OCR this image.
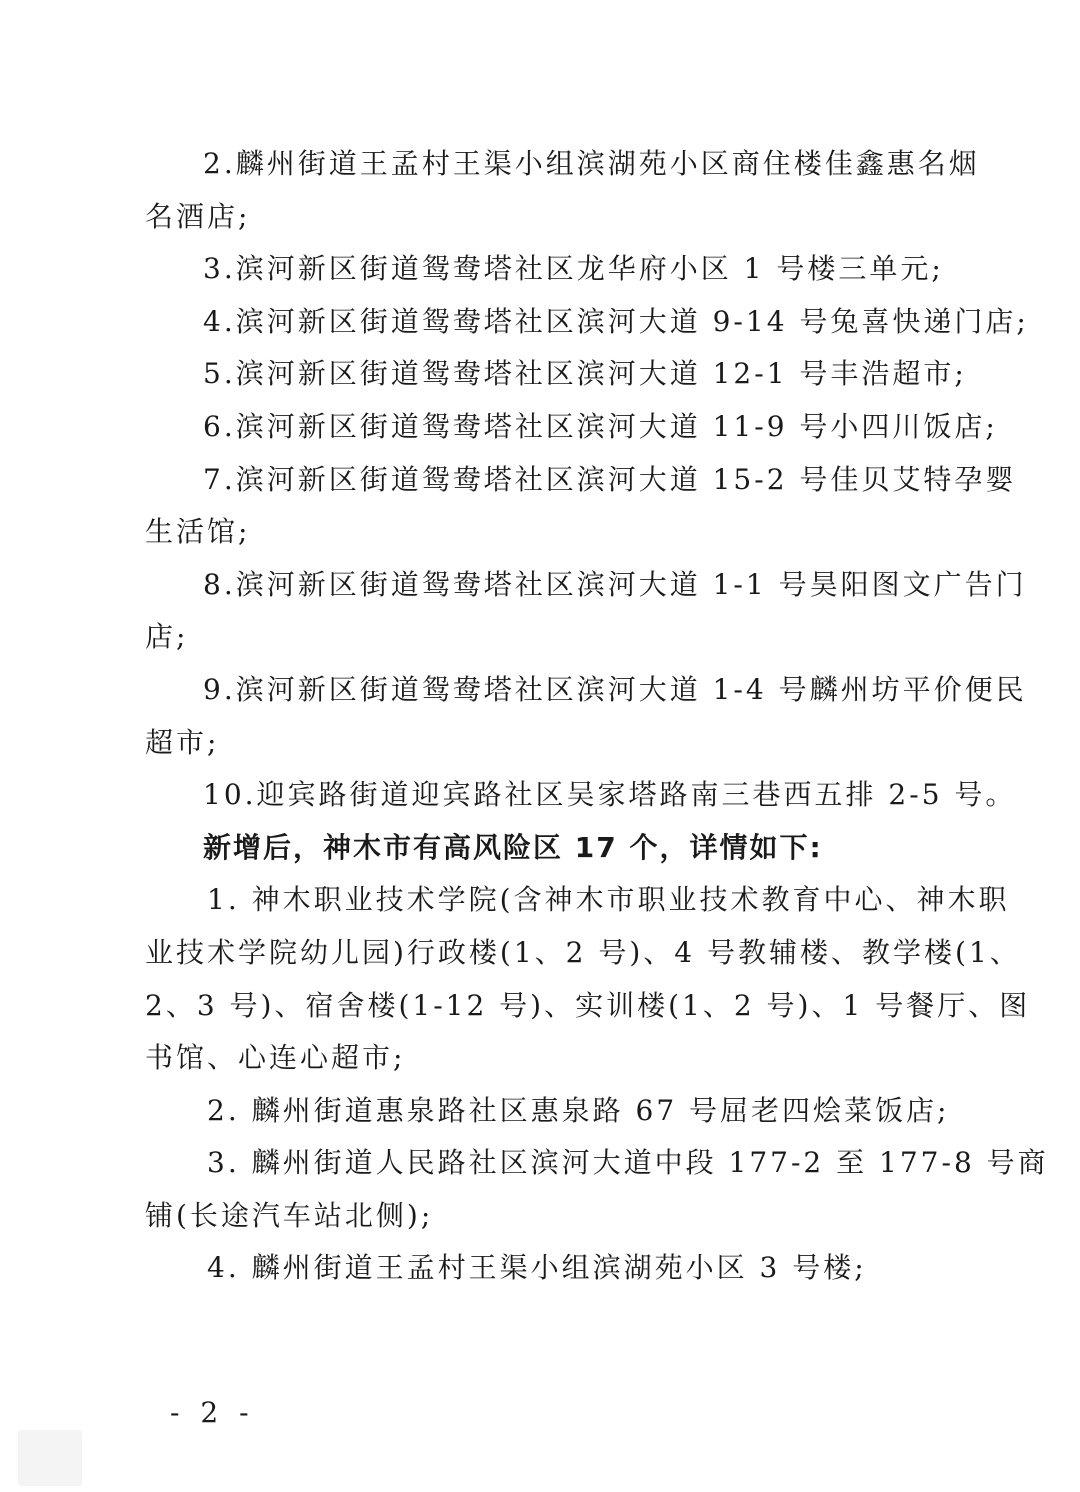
2.麟州街道王孟村王渠小组滨湖苑小区商住楼佳鑫惠名烟
名酒店;
3.滨河新区街道鸳鸯塔社区龙华府小区 1 号楼三单元;
4.滨河新区街道鸳鸯塔社区滨河大道 9-14 号兔喜快递门店;
5.滨河新区街道鸳鸯塔社区滨河大道 12-1 号丰浩超市;
6.滨河新区街道鸳鸯塔社区滨河大道 11-9 号小四川饭店;
7.滨河新区街道鸳鸯塔社区滨河大道 15-2 号佳贝艾特孕婴
生活馆;
8.滨河新区街道鸳鸯塔社区滨河大道 1-1 号昊阳图文广告门
店;
9.滨河新区街道鸳鸯塔社区滨河大道 1-4 号麟州坊平价便民
超市;
10.迎宾路街道迎宾路社区吴家塔路南三巷西五排 2-5 号。
新增后，神木市有高风险区 17 个，详情如下:
1. 神木职业技术学院(含神木市职业技术教育中心、神木职
业技术学院幼儿园)行政楼(1、2 号)、4 号教辅楼、教学楼(1、
2、3 号)、宿舍楼(1-12 号)、实训楼(1、2 号)、1 号餐厅、图
书馆、心连心超市;
2. 麟州街道惠泉路社区惠泉路 67 号屈老四烩菜饭店;
3. 麟州街道人民路社区滨河大道中段 177-2 至 177-8 号商
铺(长途汽车站北侧);
4. 麟州街道王孟村王渠小组滨湖苑小区 3 号楼;
- 2 -
